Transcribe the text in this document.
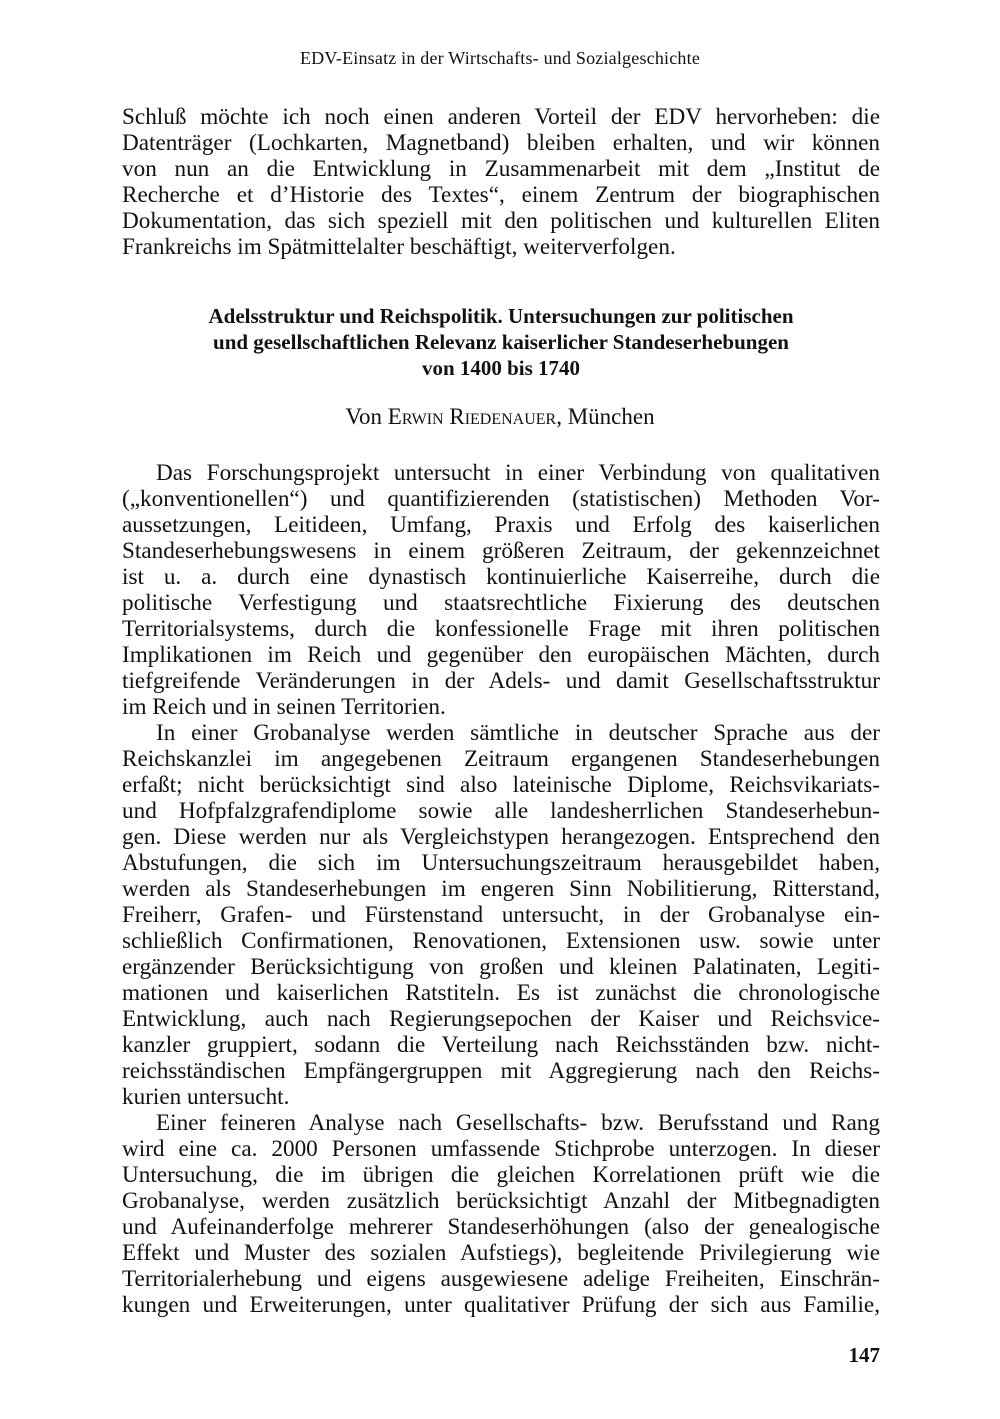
EDV-Einsatz in der Wirtschafts- und Sozialgeschichte
Schluß möchte ich noch einen anderen Vorteil der EDV hervorheben: die
Datenträger (Lochkarten, Magnetband) bleiben erhalten, und wir können
von nun an die Entwicklung in Zusammenarbeit mit dem „Institut de
Recherche et d’Historie des Textes“, einem Zentrum der biographischen
Dokumentation, das sich speziell mit den politischen und kulturellen Eliten
Frankreichs im Spätmittelalter beschäftigt, weiterverfolgen.
Adelsstruktur und Reichspolitik. Untersuchungen zur politischen
und gesellschaftlichen Relevanz kaiserlicher Standeserhebungen
von 1400 bis 1740
Von Erwin Riedenauer, München
Das Forschungsprojekt untersucht in einer Verbindung von qualitativen
(„konventionellen“) und quantifizierenden (statistischen) Methoden Vor-
aussetzungen, Leitideen, Umfang, Praxis und Erfolg des kaiserlichen
Standeserhebungswesens in einem größeren Zeitraum, der gekennzeichnet
ist u. a. durch eine dynastisch kontinuierliche Kaiserreihe, durch die
politische Verfestigung und staatsrechtliche Fixierung des deutschen
Territorialsystems, durch die konfessionelle Frage mit ihren politischen
Implikationen im Reich und gegenüber den europäischen Mächten, durch
tiefgreifende Veränderungen in der Adels- und damit Gesellschaftsstruktur
im Reich und in seinen Territorien.
In einer Grobanalyse werden sämtliche in deutscher Sprache aus der
Reichskanzlei im angegebenen Zeitraum ergangenen Standeserhebungen
erfaßt; nicht berücksichtigt sind also lateinische Diplome, Reichsvikariats-
und Hofpfalzgrafendiplome sowie alle landesherrlichen Standeserhebun-
gen. Diese werden nur als Vergleichstypen herangezogen. Entsprechend den
Abstufungen, die sich im Untersuchungszeitraum herausgebildet haben,
werden als Standeserhebungen im engeren Sinn Nobilitierung, Ritterstand,
Freiherr, Grafen- und Fürstenstand untersucht, in der Grobanalyse ein-
schließlich Confirmationen, Renovationen, Extensionen usw. sowie unter
ergänzender Berücksichtigung von großen und kleinen Palatinaten, Legiti-
mationen und kaiserlichen Ratstiteln. Es ist zunächst die chronologische
Entwicklung, auch nach Regierungsepochen der Kaiser und Reichsvice-
kanzler gruppiert, sodann die Verteilung nach Reichsständen bzw. nicht-
reichsständischen Empfängergruppen mit Aggregierung nach den Reichs-
kurien untersucht.
Einer feineren Analyse nach Gesellschafts- bzw. Berufsstand und Rang
wird eine ca. 2000 Personen umfassende Stichprobe unterzogen. In dieser
Untersuchung, die im übrigen die gleichen Korrelationen prüft wie die
Grobanalyse, werden zusätzlich berücksichtigt Anzahl der Mitbegnadigten
und Aufeinanderfolge mehrerer Standeserhöhungen (also der genealogische
Effekt und Muster des sozialen Aufstiegs), begleitende Privilegierung wie
Territorialerhebung und eigens ausgewiesene adelige Freiheiten, Einschrän-
kungen und Erweiterungen, unter qualitativer Prüfung der sich aus Familie,
147
